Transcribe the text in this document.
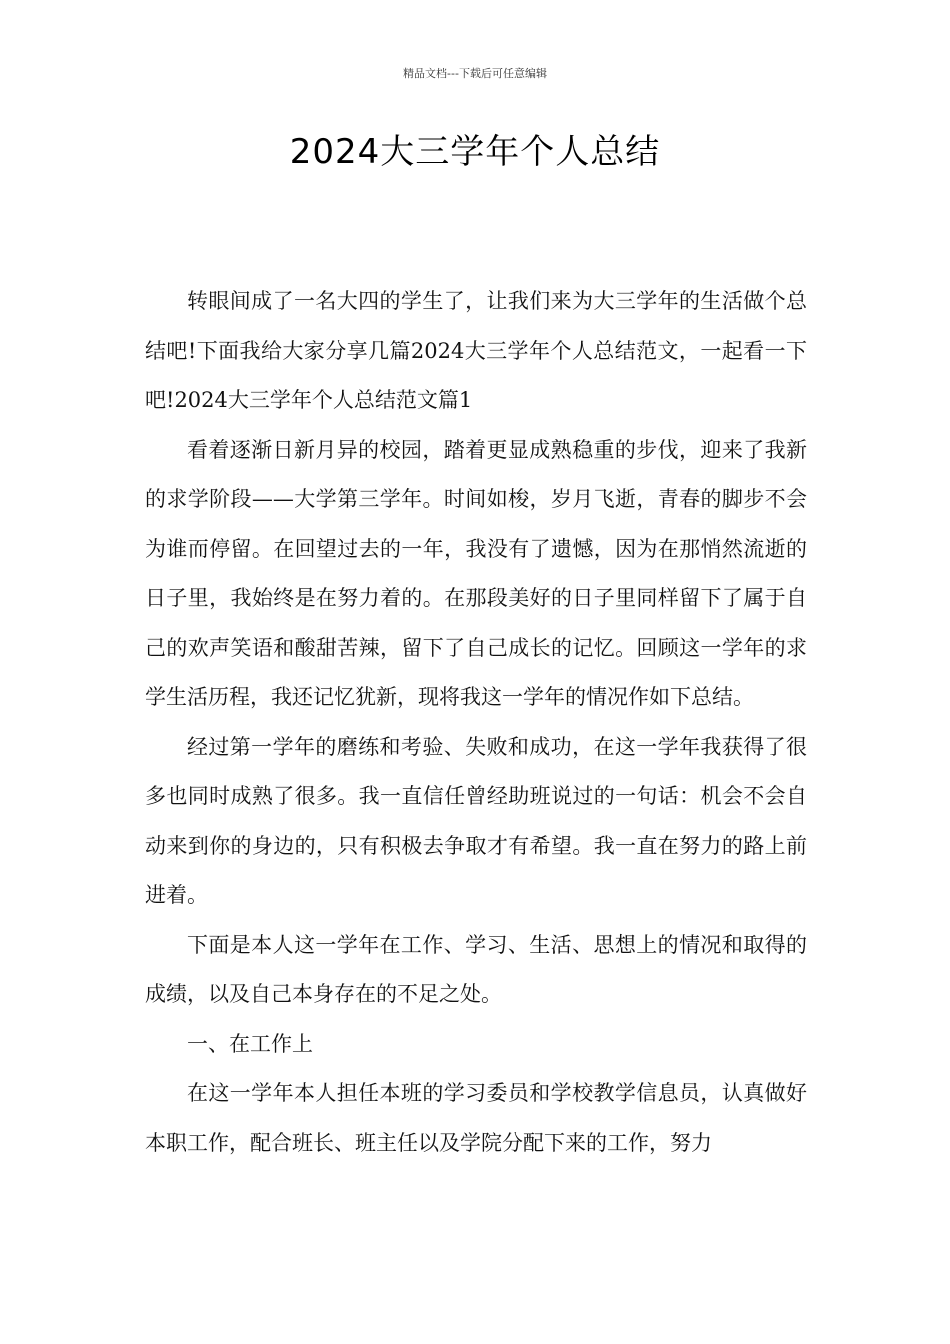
精品文档---下载后可任意编辑
2024大三学年个人总结

转眼间成了一名大四的学生了，让我们来为大三学年的生活做个总结吧!下面我给大家分享几篇2024大三学年个人总结范文，一起看一下吧!2024大三学年个人总结范文篇1

看着逐渐日新月异的校园，踏着更显成熟稳重的步伐，迎来了我新的求学阶段——大学第三学年。时间如梭，岁月飞逝，青春的脚步不会为谁而停留。在回望过去的一年，我没有了遗憾，因为在那悄然流逝的日子里，我始终是在努力着的。在那段美好的日子里同样留下了属于自己的欢声笑语和酸甜苦辣，留下了自己成长的记忆。回顾这一学年的求学生活历程，我还记忆犹新，现将我这一学年的情况作如下总结。

经过第一学年的磨练和考验、失败和成功，在这一学年我获得了很多也同时成熟了很多。我一直信任曾经助班说过的一句话：机会不会自动来到你的身边的，只有积极去争取才有希望。我一直在努力的路上前进着。

下面是本人这一学年在工作、学习、生活、思想上的情况和取得的成绩，以及自己本身存在的不足之处。

一、在工作上

在这一学年本人担任本班的学习委员和学校教学信息员，认真做好本职工作，配合班长、班主任以及学院分配下来的工作，努力
